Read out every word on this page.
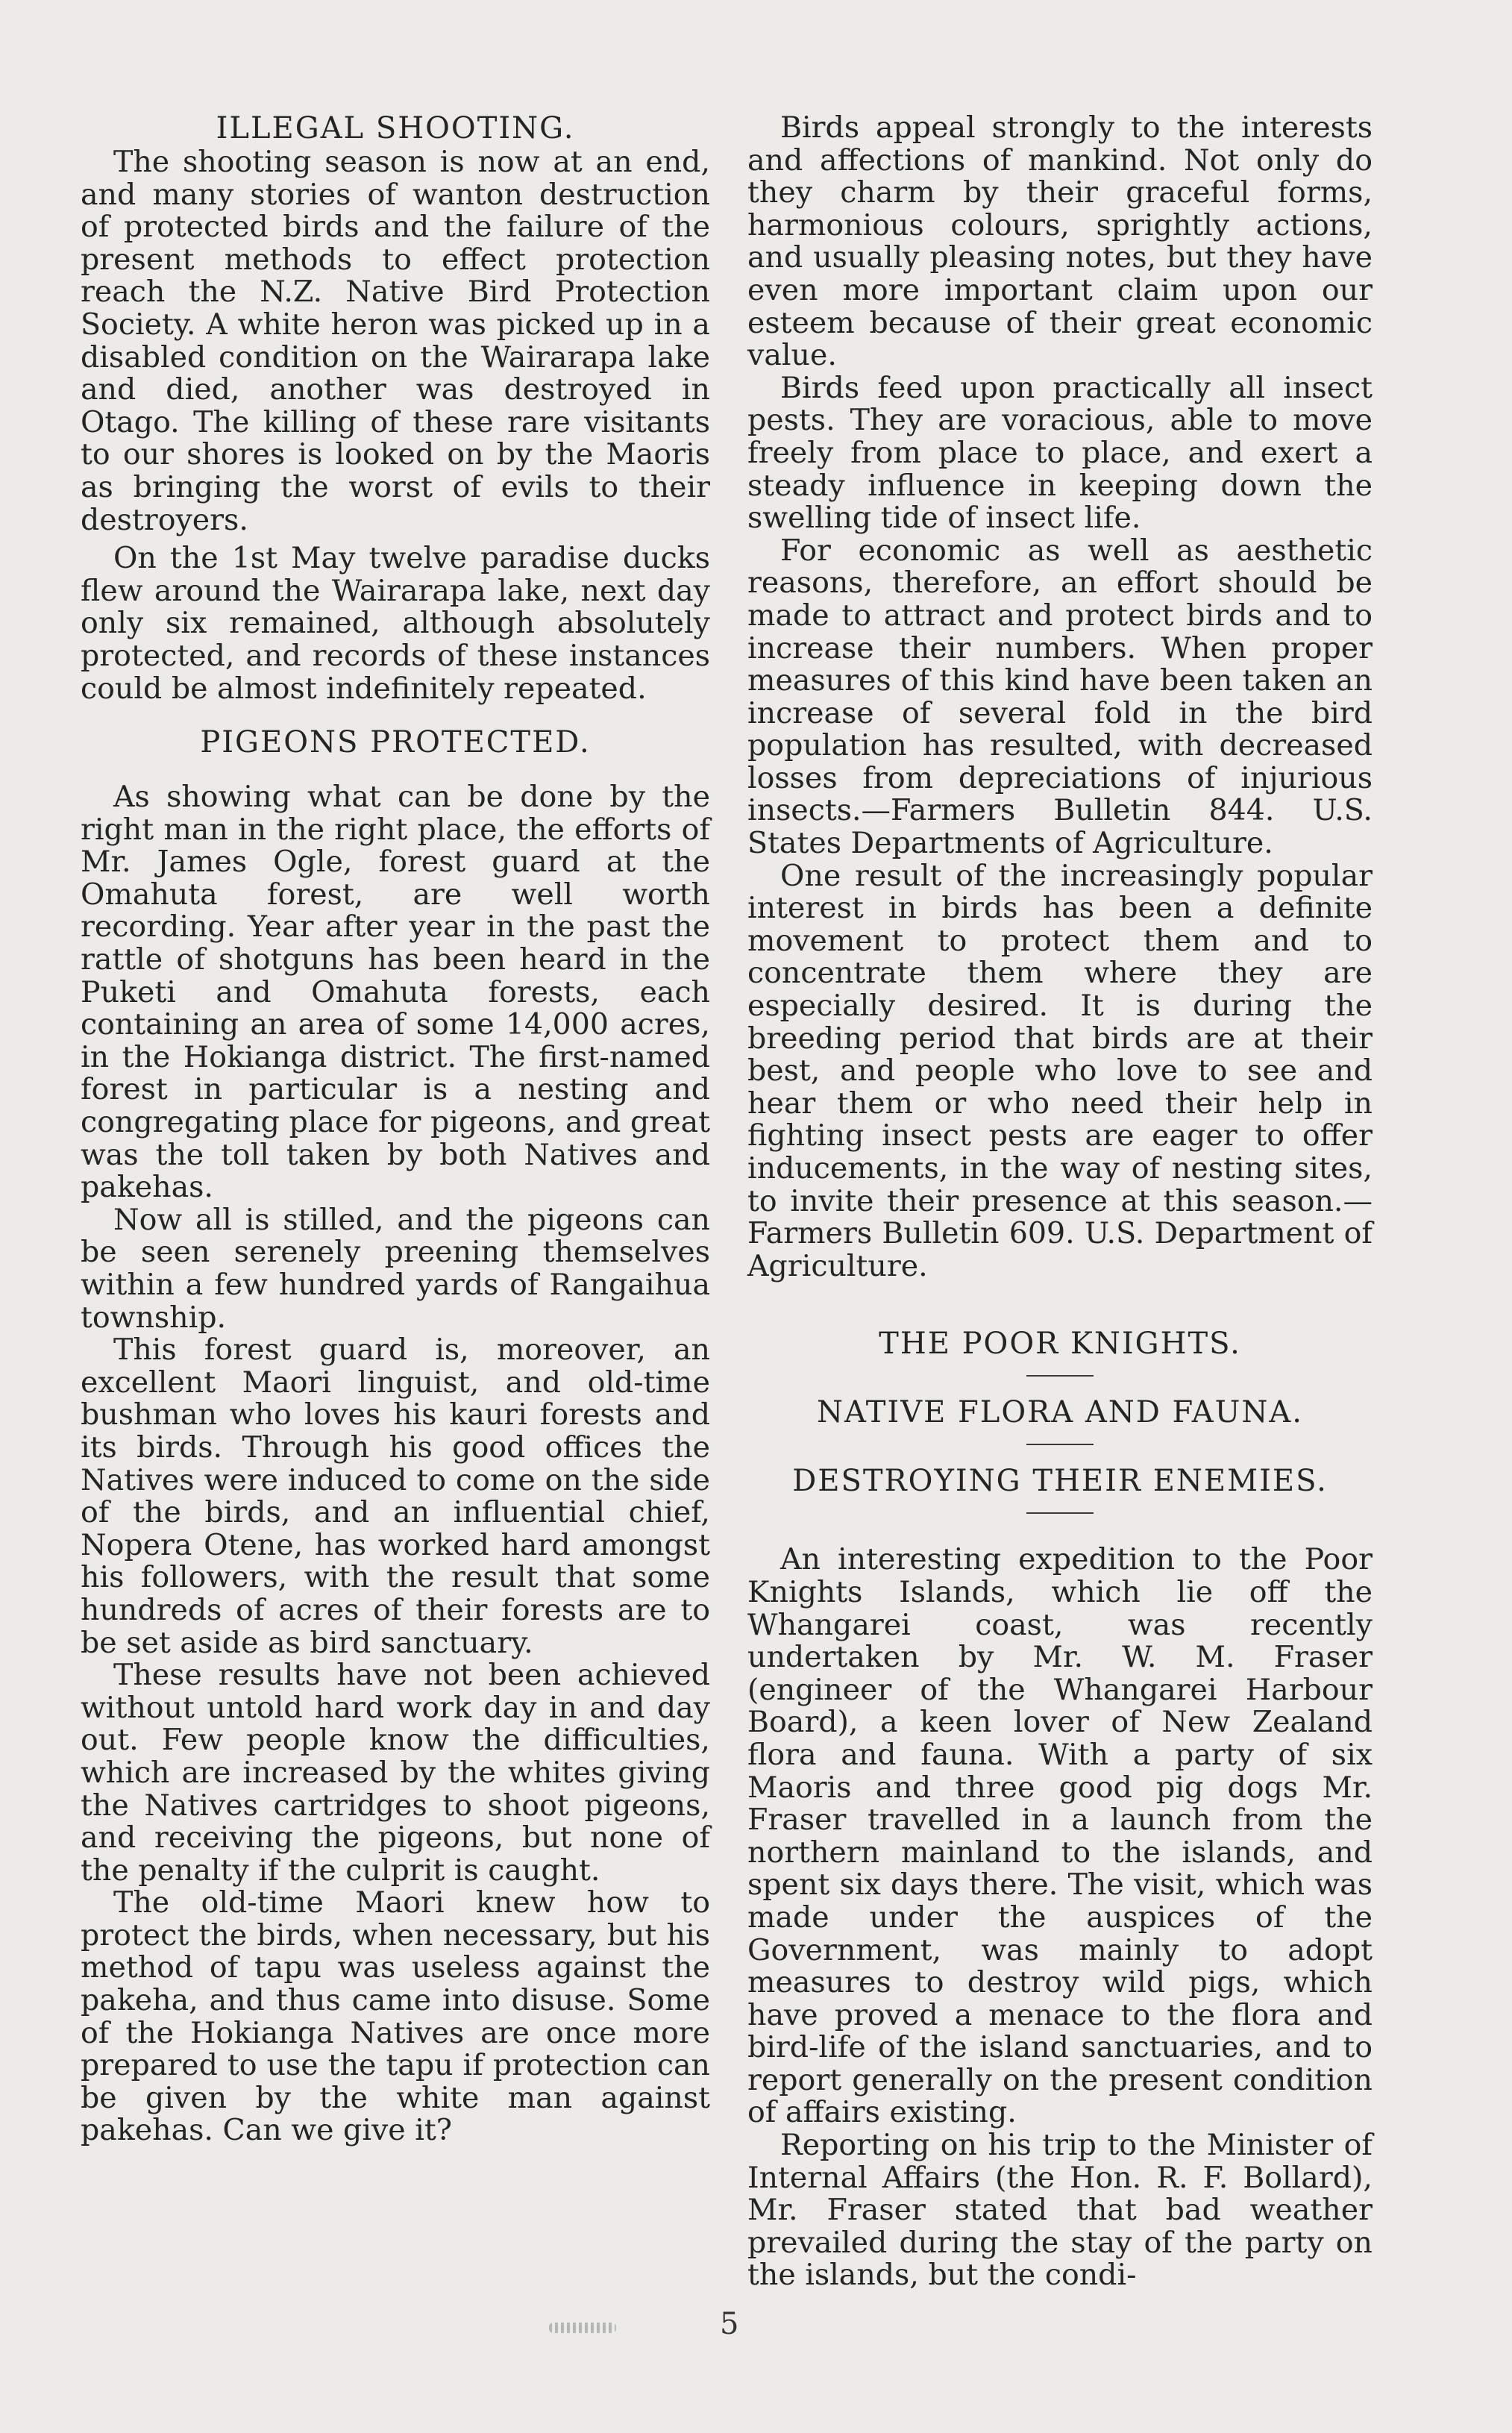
ILLEGAL SHOOTING.

The shooting season is now at an end, and many stories of wanton destruction of protected birds and the failure of the present methods to effect protection reach the N.Z. Native Bird Protection Society. A white heron was picked up in a disabled condition on the Wairarapa lake and died, another was destroyed in Otago. The killing of these rare visitants to our shores is looked on by the Maoris as bringing the worst of evils to their destroyers.

On the 1st May twelve paradise ducks flew around the Wairarapa lake, next day only six remained, although absolutely protected, and records of these instances could be almost indefinitely repeated.

PIGEONS PROTECTED.

As showing what can be done by the right man in the right place, the efforts of Mr. James Ogle, forest guard at the Omahuta forest, are well worth recording. Year after year in the past the rattle of shotguns has been heard in the Puketi and Omahuta forests, each containing an area of some 14,000 acres, in the Hokianga district. The first-named forest in particular is a nesting and congregating place for pigeons, and great was the toll taken by both Natives and pakehas.

Now all is stilled, and the pigeons can be seen serenely preening themselves within a few hundred yards of Rangaihua township.

This forest guard is, moreover, an excellent Maori linguist, and old-time bushman who loves his kauri forests and its birds. Through his good offices the Natives were induced to come on the side of the birds, and an influential chief, Nopera Otene, has worked hard amongst his followers, with the result that some hundreds of acres of their forests are to be set aside as bird sanctuary.

These results have not been achieved without untold hard work day in and day out. Few people know the difficulties, which are increased by the whites giving the Natives cartridges to shoot pigeons, and receiving the pigeons, but none of the penalty if the culprit is caught.

The old-time Maori knew how to protect the birds, when necessary, but his method of tapu was useless against the pakeha, and thus came into disuse. Some of the Hokianga Natives are once more prepared to use the tapu if protection can be given by the white man against pakehas. Can we give it?

Birds appeal strongly to the interests and affections of mankind. Not only do they charm by their graceful forms, harmonious colours, sprightly actions, and usually pleasing notes, but they have even more important claim upon our esteem because of their great economic value.

Birds feed upon practically all insect pests. They are voracious, able to move freely from place to place, and exert a steady influence in keeping down the swelling tide of insect life.

For economic as well as aesthetic reasons, therefore, an effort should be made to attract and protect birds and to increase their numbers. When proper measures of this kind have been taken an increase of several fold in the bird population has resulted, with decreased losses from depreciations of injurious insects.—Farmers Bulletin 844. U.S. States Departments of Agriculture.

One result of the increasingly popular interest in birds has been a definite movement to protect them and to concentrate them where they are especially desired. It is during the breeding period that birds are at their best, and people who love to see and hear them or who need their help in fighting insect pests are eager to offer inducements, in the way of nesting sites, to invite their presence at this season.—Farmers Bulletin 609. U.S. Department of Agriculture.

THE POOR KNIGHTS.
NATIVE FLORA AND FAUNA.
DESTROYING THEIR ENEMIES.

An interesting expedition to the Poor Knights Islands, which lie off the Whangarei coast, was recently undertaken by Mr. W. M. Fraser (engineer of the Whangarei Harbour Board), a keen lover of New Zealand flora and fauna. With a party of six Maoris and three good pig dogs Mr. Fraser travelled in a launch from the northern mainland to the islands, and spent six days there. The visit, which was made under the auspices of the Government, was mainly to adopt measures to destroy wild pigs, which have proved a menace to the flora and bird-life of the island sanctuaries, and to report generally on the present condition of affairs existing.

Reporting on his trip to the Minister of Internal Affairs (the Hon. R. F. Bollard), Mr. Fraser stated that bad weather prevailed during the stay of the party on the islands, but the condi-

5
